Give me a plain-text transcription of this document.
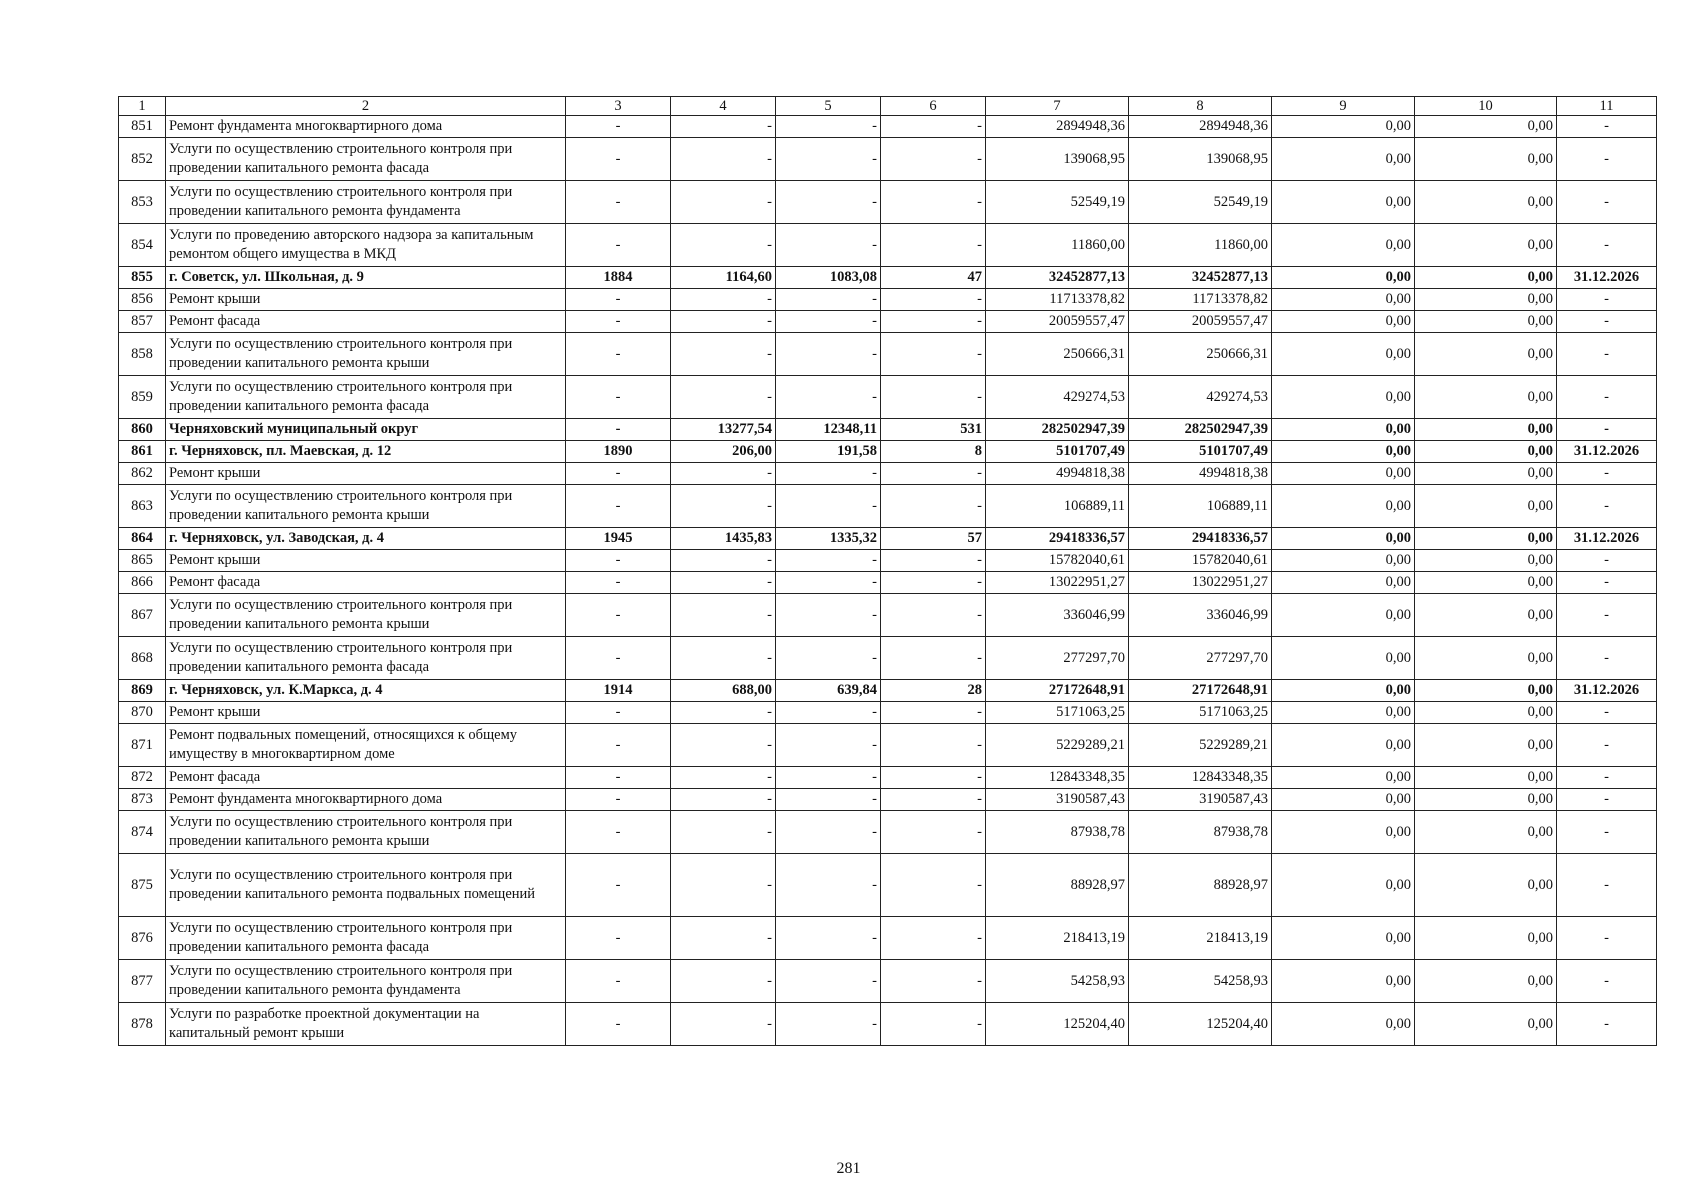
1	2	3	4	5	6	7	8	9	10	11
851	Ремонт фундамента многоквартирного дома	-	-	-	-	2894948,36	2894948,36	0,00	0,00	-
852	Услуги по осуществлению строительного контроля при проведении капитального ремонта фасада	-	-	-	-	139068,95	139068,95	0,00	0,00	-
853	Услуги по осуществлению строительного контроля при проведении капитального ремонта фундамента	-	-	-	-	52549,19	52549,19	0,00	0,00	-
854	Услуги по проведению авторского надзора за капитальным ремонтом общего имущества в МКД	-	-	-	-	11860,00	11860,00	0,00	0,00	-
855	г. Советск, ул. Школьная, д. 9	1884	1164,60	1083,08	47	32452877,13	32452877,13	0,00	0,00	31.12.2026
856	Ремонт крыши	-	-	-	-	11713378,82	11713378,82	0,00	0,00	-
857	Ремонт фасада	-	-	-	-	20059557,47	20059557,47	0,00	0,00	-
858	Услуги по осуществлению строительного контроля при проведении капитального ремонта крыши	-	-	-	-	250666,31	250666,31	0,00	0,00	-
859	Услуги по осуществлению строительного контроля при проведении капитального ремонта фасада	-	-	-	-	429274,53	429274,53	0,00	0,00	-
860	Черняховский муниципальный округ	-	13277,54	12348,11	531	282502947,39	282502947,39	0,00	0,00	-
861	г. Черняховск, пл. Маевская, д. 12	1890	206,00	191,58	8	5101707,49	5101707,49	0,00	0,00	31.12.2026
862	Ремонт крыши	-	-	-	-	4994818,38	4994818,38	0,00	0,00	-
863	Услуги по осуществлению строительного контроля при проведении капитального ремонта крыши	-	-	-	-	106889,11	106889,11	0,00	0,00	-
864	г. Черняховск, ул. Заводская, д. 4	1945	1435,83	1335,32	57	29418336,57	29418336,57	0,00	0,00	31.12.2026
865	Ремонт крыши	-	-	-	-	15782040,61	15782040,61	0,00	0,00	-
866	Ремонт фасада	-	-	-	-	13022951,27	13022951,27	0,00	0,00	-
867	Услуги по осуществлению строительного контроля при проведении капитального ремонта крыши	-	-	-	-	336046,99	336046,99	0,00	0,00	-
868	Услуги по осуществлению строительного контроля при проведении капитального ремонта фасада	-	-	-	-	277297,70	277297,70	0,00	0,00	-
869	г. Черняховск, ул. К.Маркса, д. 4	1914	688,00	639,84	28	27172648,91	27172648,91	0,00	0,00	31.12.2026
870	Ремонт крыши	-	-	-	-	5171063,25	5171063,25	0,00	0,00	-
871	Ремонт подвальных помещений, относящихся к общему имуществу в многоквартирном доме	-	-	-	-	5229289,21	5229289,21	0,00	0,00	-
872	Ремонт фасада	-	-	-	-	12843348,35	12843348,35	0,00	0,00	-
873	Ремонт фундамента многоквартирного дома	-	-	-	-	3190587,43	3190587,43	0,00	0,00	-
874	Услуги по осуществлению строительного контроля при проведении капитального ремонта крыши	-	-	-	-	87938,78	87938,78	0,00	0,00	-
875	Услуги по осуществлению строительного контроля при проведении капитального ремонта подвальных помещений	-	-	-	-	88928,97	88928,97	0,00	0,00	-
876	Услуги по осуществлению строительного контроля при проведении капитального ремонта фасада	-	-	-	-	218413,19	218413,19	0,00	0,00	-
877	Услуги по осуществлению строительного контроля при проведении капитального ремонта фундамента	-	-	-	-	54258,93	54258,93	0,00	0,00	-
878	Услуги по разработке проектной документации на капитальный ремонт крыши	-	-	-	-	125204,40	125204,40	0,00	0,00	-
281
